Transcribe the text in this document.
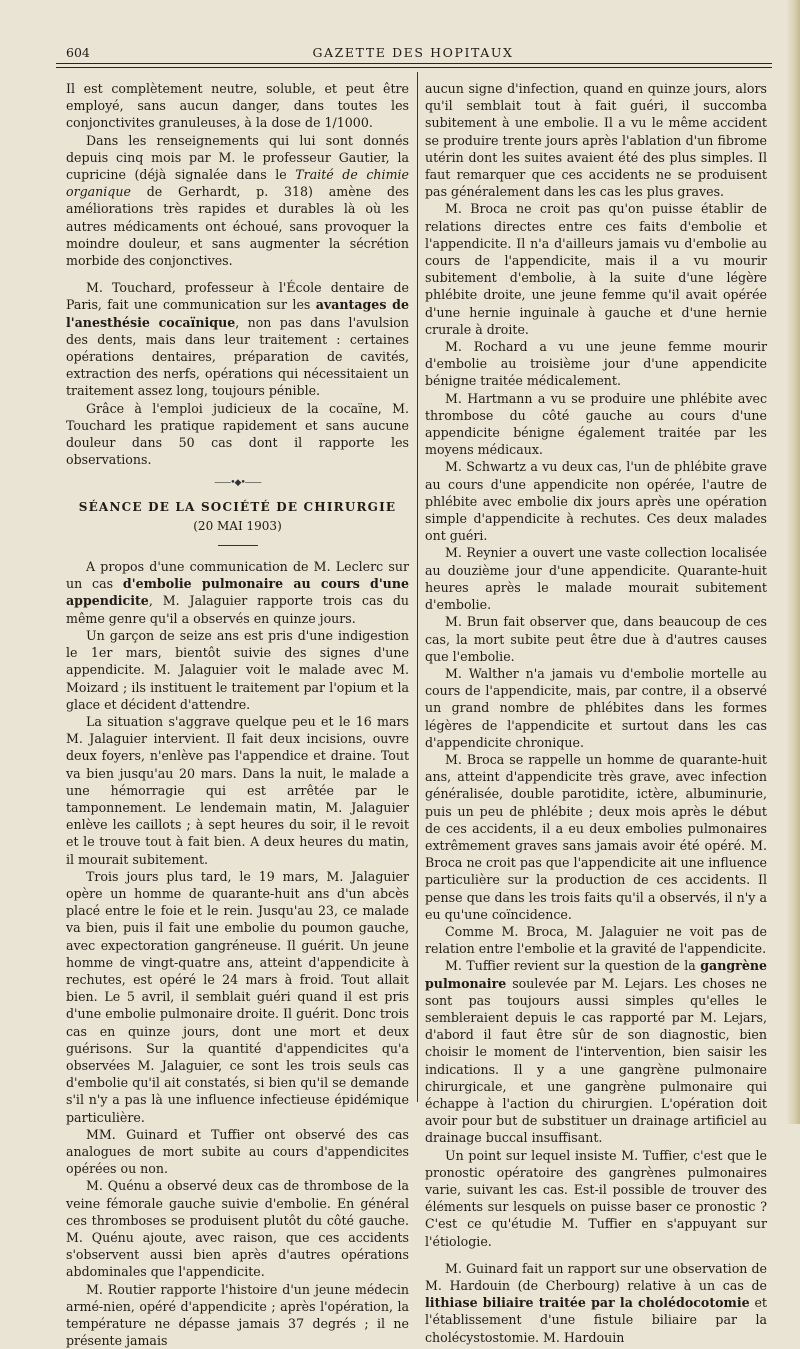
604	GAZETTE DES HOPITAUX

Il est complètement neutre, soluble, et peut être employé, sans aucun danger, dans toutes les conjonctivites granuleuses, à la dose de 1/1000.

Dans les renseignements qui lui sont donnés depuis cinq mois par M. le professeur Gautier, la cupricine (déjà signalée dans le Traité de chimie organique de Gerhardt, p. 318) amène des améliorations très rapides et durables là où les autres médicaments ont échoué, sans provoquer la moindre douleur, et sans augmenter la sécrétion morbide des conjonctives.

M. Touchard, professeur à l'École dentaire de Paris, fait une communication sur les avantages de l'anesthésie cocaïnique, non pas dans l'avulsion des dents, mais dans leur traitement : certaines opérations dentaires, préparation de cavités, extraction des nerfs, opérations qui nécessitaient un traitement assez long, toujours pénible.

Grâce à l'emploi judicieux de la cocaïne, M. Touchard les pratique rapidement et sans aucune douleur dans 50 cas dont il rapporte les observations.

——•◆•——
SÉANCE DE LA SOCIÉTÉ DE CHIRURGIE
(20 MAI 1903)

A propos d'une communication de M. Leclerc sur un cas d'embolie pulmonaire au cours d'une appendicite, M. Jalaguier rapporte trois cas du même genre qu'il a observés en quinze jours.

Un garçon de seize ans est pris d'une indigestion le 1er mars, bientôt suivie des signes d'une appendicite. M. Jalaguier voit le malade avec M. Moizard ; ils instituent le traitement par l'opium et la glace et décident d'attendre.

La situation s'aggrave quelque peu et le 16 mars M. Jalaguier intervient. Il fait deux incisions, ouvre deux foyers, n'enlève pas l'appendice et draine. Tout va bien jusqu'au 20 mars. Dans la nuit, le malade a une hémorragie qui est arrêtée par le tamponnement. Le lendemain matin, M. Jalaguier enlève les caillots ; à sept heures du soir, il le revoit et le trouve tout à fait bien. A deux heures du matin, il mourait subitement.

Trois jours plus tard, le 19 mars, M. Jalaguier opère un homme de quarante-huit ans d'un abcès placé entre le foie et le rein. Jusqu'au 23, ce malade va bien, puis il fait une embolie du poumon gauche, avec expectoration gangréneuse. Il guérit. Un jeune homme de vingt-quatre ans, atteint d'appendicite à rechutes, est opéré le 24 mars à froid. Tout allait bien. Le 5 avril, il semblait guéri quand il est pris d'une embolie pulmonaire droite. Il guérit. Donc trois cas en quinze jours, dont une mort et deux guérisons. Sur la quantité d'appendicites qu'a observées M. Jalaguier, ce sont les trois seuls cas d'embolie qu'il ait constatés, si bien qu'il se demande s'il n'y a pas là une influence infectieuse épidémique particulière.

MM. Guinard et Tuffier ont observé des cas analogues de mort subite au cours d'appendicites opérées ou non.

M. Quénu a observé deux cas de thrombose de la veine fémorale gauche suivie d'embolie. En général ces thromboses se produisent plutôt du côté gauche. M. Quénu ajoute, avec raison, que ces accidents s'observent aussi bien après d'autres opérations abdominales que l'appendicite.

M. Routier rapporte l'histoire d'un jeune médecin armé-nien, opéré d'appendicite ; après l'opération, la température ne dépasse jamais 37 degrés ; il ne présente jamais

aucun signe d'infection, quand en quinze jours, alors qu'il semblait tout à fait guéri, il succomba subitement à une embolie. Il a vu le même accident se produire trente jours après l'ablation d'un fibrome utérin dont les suites avaient été des plus simples. Il faut remarquer que ces accidents ne se produisent pas généralement dans les cas les plus graves.

M. Broca ne croit pas qu'on puisse établir de relations directes entre ces faits d'embolie et l'appendicite. Il n'a d'ailleurs jamais vu d'embolie au cours de l'appendicite, mais il a vu mourir subitement d'embolie, à la suite d'une légère phlébite droite, une jeune femme qu'il avait opérée d'une hernie inguinale à gauche et d'une hernie crurale à droite.

M. Rochard a vu une jeune femme mourir d'embolie au troisième jour d'une appendicite bénigne traitée médicalement.

M. Hartmann a vu se produire une phlébite avec thrombose du côté gauche au cours d'une appendicite bénigne également traitée par les moyens médicaux.

M. Schwartz a vu deux cas, l'un de phlébite grave au cours d'une appendicite non opérée, l'autre de phlébite avec embolie dix jours après une opération simple d'appendicite à rechutes. Ces deux malades ont guéri.

M. Reynier a ouvert une vaste collection localisée au douzième jour d'une appendicite. Quarante-huit heures après le malade mourait subitement d'embolie.

M. Brun fait observer que, dans beaucoup de ces cas, la mort subite peut être due à d'autres causes que l'embolie.

M. Walther n'a jamais vu d'embolie mortelle au cours de l'appendicite, mais, par contre, il a observé un grand nombre de phlébites dans les formes légères de l'appendicite et surtout dans les cas d'appendicite chronique.

M. Broca se rappelle un homme de quarante-huit ans, atteint d'appendicite très grave, avec infection généralisée, double parotidite, ictère, albuminurie, puis un peu de phlébite ; deux mois après le début de ces accidents, il a eu deux embolies pulmonaires extrêmement graves sans jamais avoir été opéré. M. Broca ne croit pas que l'appendicite ait une influence particulière sur la production de ces accidents. Il pense que dans les trois faits qu'il a observés, il n'y a eu qu'une coïncidence.

Comme M. Broca, M. Jalaguier ne voit pas de relation entre l'embolie et la gravité de l'appendicite.

M. Tuffier revient sur la question de la gangrène pulmonaire soulevée par M. Lejars. Les choses ne sont pas toujours aussi simples qu'elles le sembleraient depuis le cas rapporté par M. Lejars, d'abord il faut être sûr de son diagnostic, bien choisir le moment de l'intervention, bien saisir les indications. Il y a une gangrène pulmonaire chirurgicale, et une gangrène pulmonaire qui échappe à l'action du chirurgien. L'opération doit avoir pour but de substituer un drainage artificiel au drainage buccal insuffisant.

Un point sur lequel insiste M. Tuffier, c'est que le pronostic opératoire des gangrènes pulmonaires varie, suivant les cas. Est-il possible de trouver des éléments sur lesquels on puisse baser ce pronostic ? C'est ce qu'étudie M. Tuffier en s'appuyant sur l'étiologie.

M. Guinard fait un rapport sur une observation de M. Hardouin (de Cherbourg) relative à un cas de lithiase biliaire traitée par la cholédocotomie et l'établissement d'une fistule biliaire par la cholécystostomie. M. Hardouin
